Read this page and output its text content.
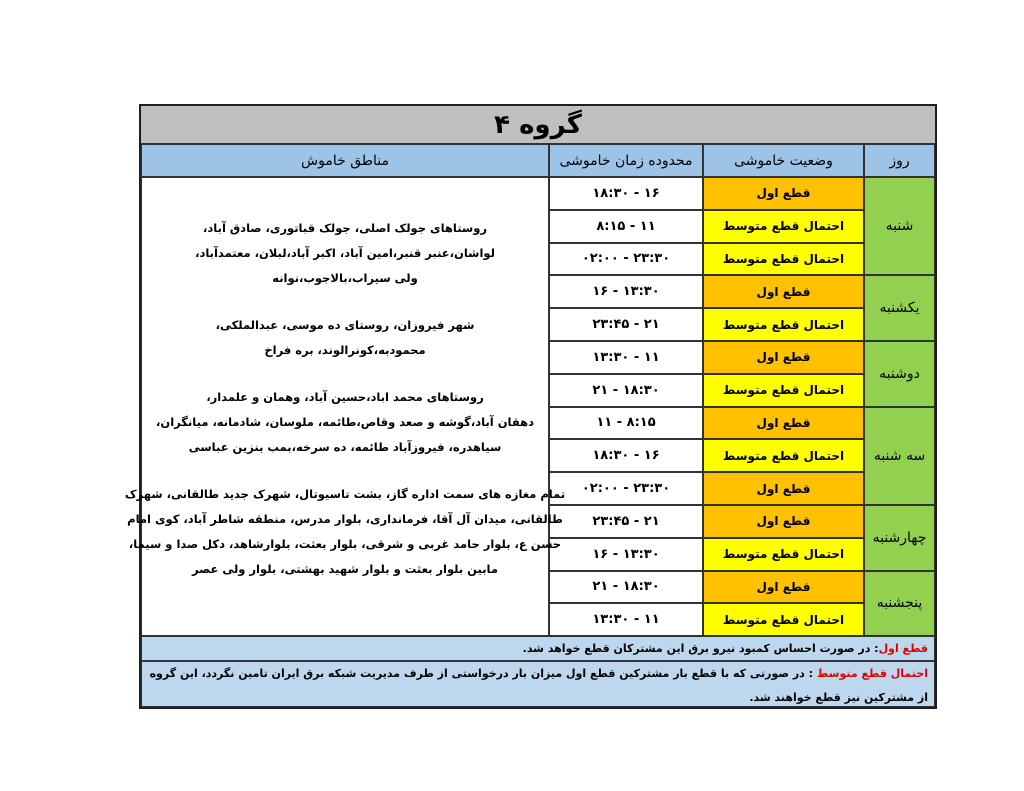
گروه ۴
روز
وضعیت خاموشی
محدوده زمان خاموشی
مناطق خاموش
شنبه
قطع اول
۱۶ - ۱۸:۳۰
احتمال قطع متوسط
۱۱ - ۸:۱۵
احتمال قطع متوسط
۲۳:۳۰ - ۰۲:۰۰
یکشنبه
قطع اول
۱۳:۳۰ - ۱۶
احتمال قطع متوسط
۲۱ - ۲۳:۴۵
دوشنبه
قطع اول
۱۱ - ۱۳:۳۰
احتمال قطع متوسط
۱۸:۳۰ - ۲۱
سه شنبه
قطع اول
۸:۱۵ - ۱۱
احتمال قطع متوسط
۱۶ - ۱۸:۳۰
قطع اول
۲۳:۳۰ - ۰۲:۰۰
چهارشنبه
قطع اول
۲۱ - ۲۳:۴۵
احتمال قطع متوسط
۱۳:۳۰ - ۱۶
پنجشنبه
قطع اول
۱۸:۳۰ - ۲۱
احتمال قطع متوسط
۱۱ - ۱۳:۳۰
روستاهای جولک اصلی، جولک قباتوری، صادق آباد،
لواشان،عنبر قنبر،امین آباد، اکبر آباد،لبلان، معتمدآباد،
ولی سیراب،بالاجوب،نوانه
شهر فیروزان، روستای ده موسی، عبدالملکی،
محمودبه،کونرالوند، بره فراخ
روستاهای محمد اباد،حسین آباد، وهمان و علمدار،
دهقان آباد،گوشه و صعد وقاص،طائمه، ملوسان، شادمانه، میانگران،
سیاهدره، فیروزآباد طائمه، ده سرخه،بمب بنزین عباسی
تمام مغازه های سمت اداره گاز، بشت تاسیوتال، شهرک جدید طالقانی، شهرک
طالقانی، میدان آل آقا، فرمانداری، بلوار مدرس، منطقه شاطر آباد، کوی امام
حسن ع، بلوار حامد غربی و شرقی، بلوار بعثت، بلوارشاهد، دکل صدا و سیما،
مابین بلوار بعثت و بلوار شهید بهشتی، بلوار ولی عصر
قطع اول
: در صورت احساس کمبود نیرو برق این مشترکان قطع خواهد شد.
احتمال قطع متوسط : در صورتی که با قطع بار مشترکین قطع اول میزان بار درخواستی از طرف مدیریت شبکه برق ایران تامین نگردد، این گروه از مشترکین نیز قطع خواهند شد.
